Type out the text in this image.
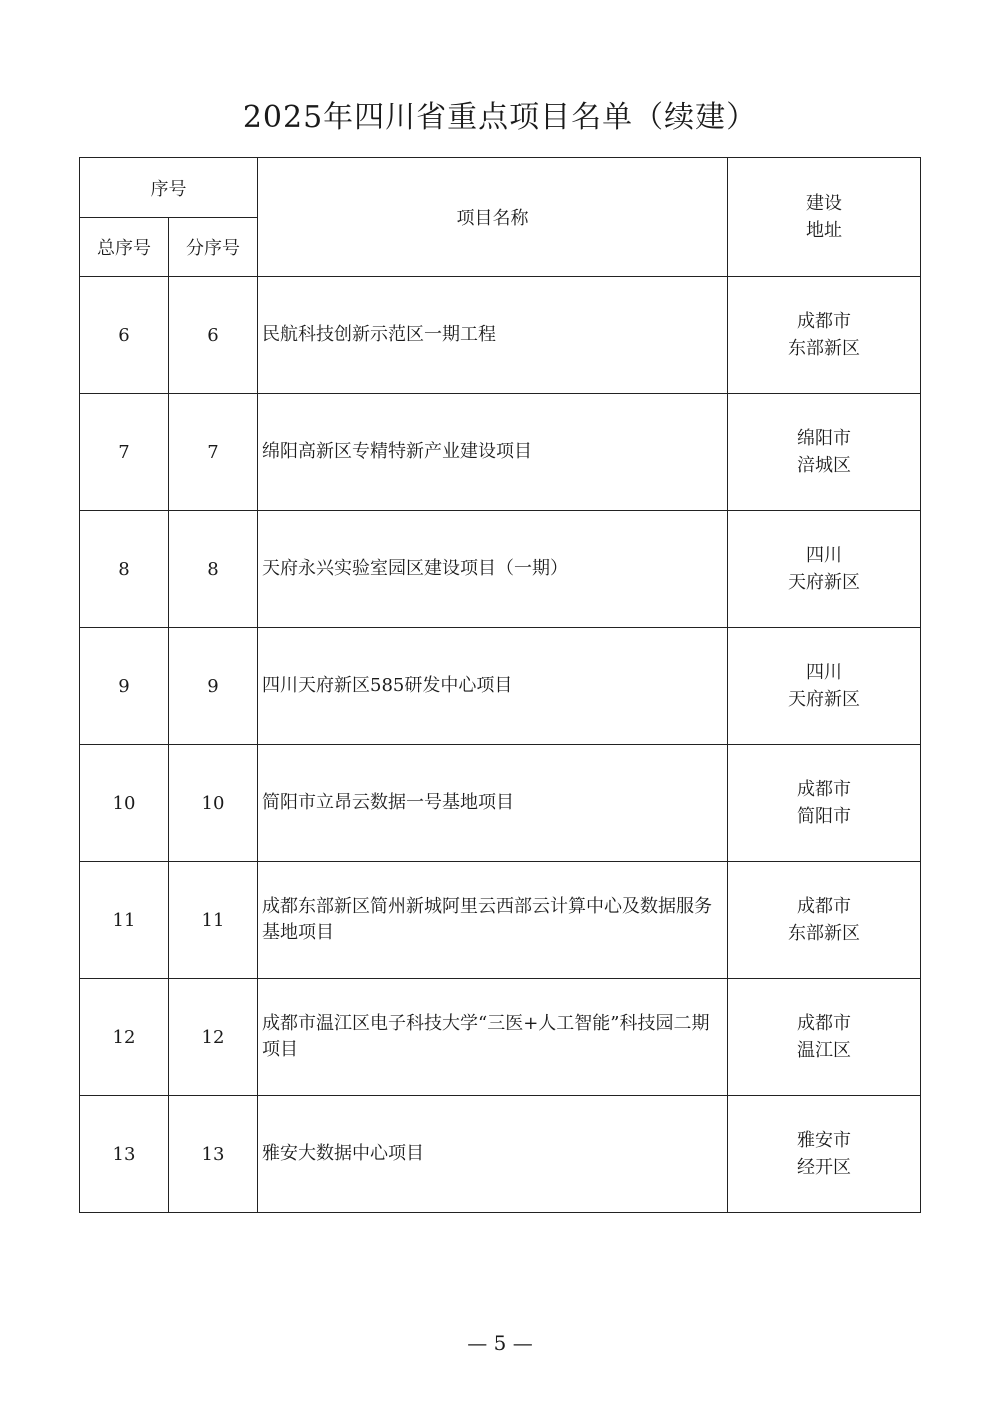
2025年四川省重点项目名单（续建）
序号		项目名称	建设
地址

总序号	分序号		
6	6	民航科技创新示范区一期工程	成都市
东部新区

7	7	绵阳高新区专精特新产业建设项目	绵阳市
涪城区

8	8	天府永兴实验室园区建设项目（一期）	四川
天府新区

9	9	四川天府新区585研发中心项目	四川
天府新区

10	10	简阳市立昂云数据一号基地项目	成都市
简阳市

11	11	成都东部新区简州新城阿里云西部云计算中心及数据服务基地项目	成都市
东部新区

12	12	成都市温江区电子科技大学“三医+人工智能”科技园二期项目	成都市
温江区

13	13	雅安大数据中心项目	雅安市
经开区
— 5 —
